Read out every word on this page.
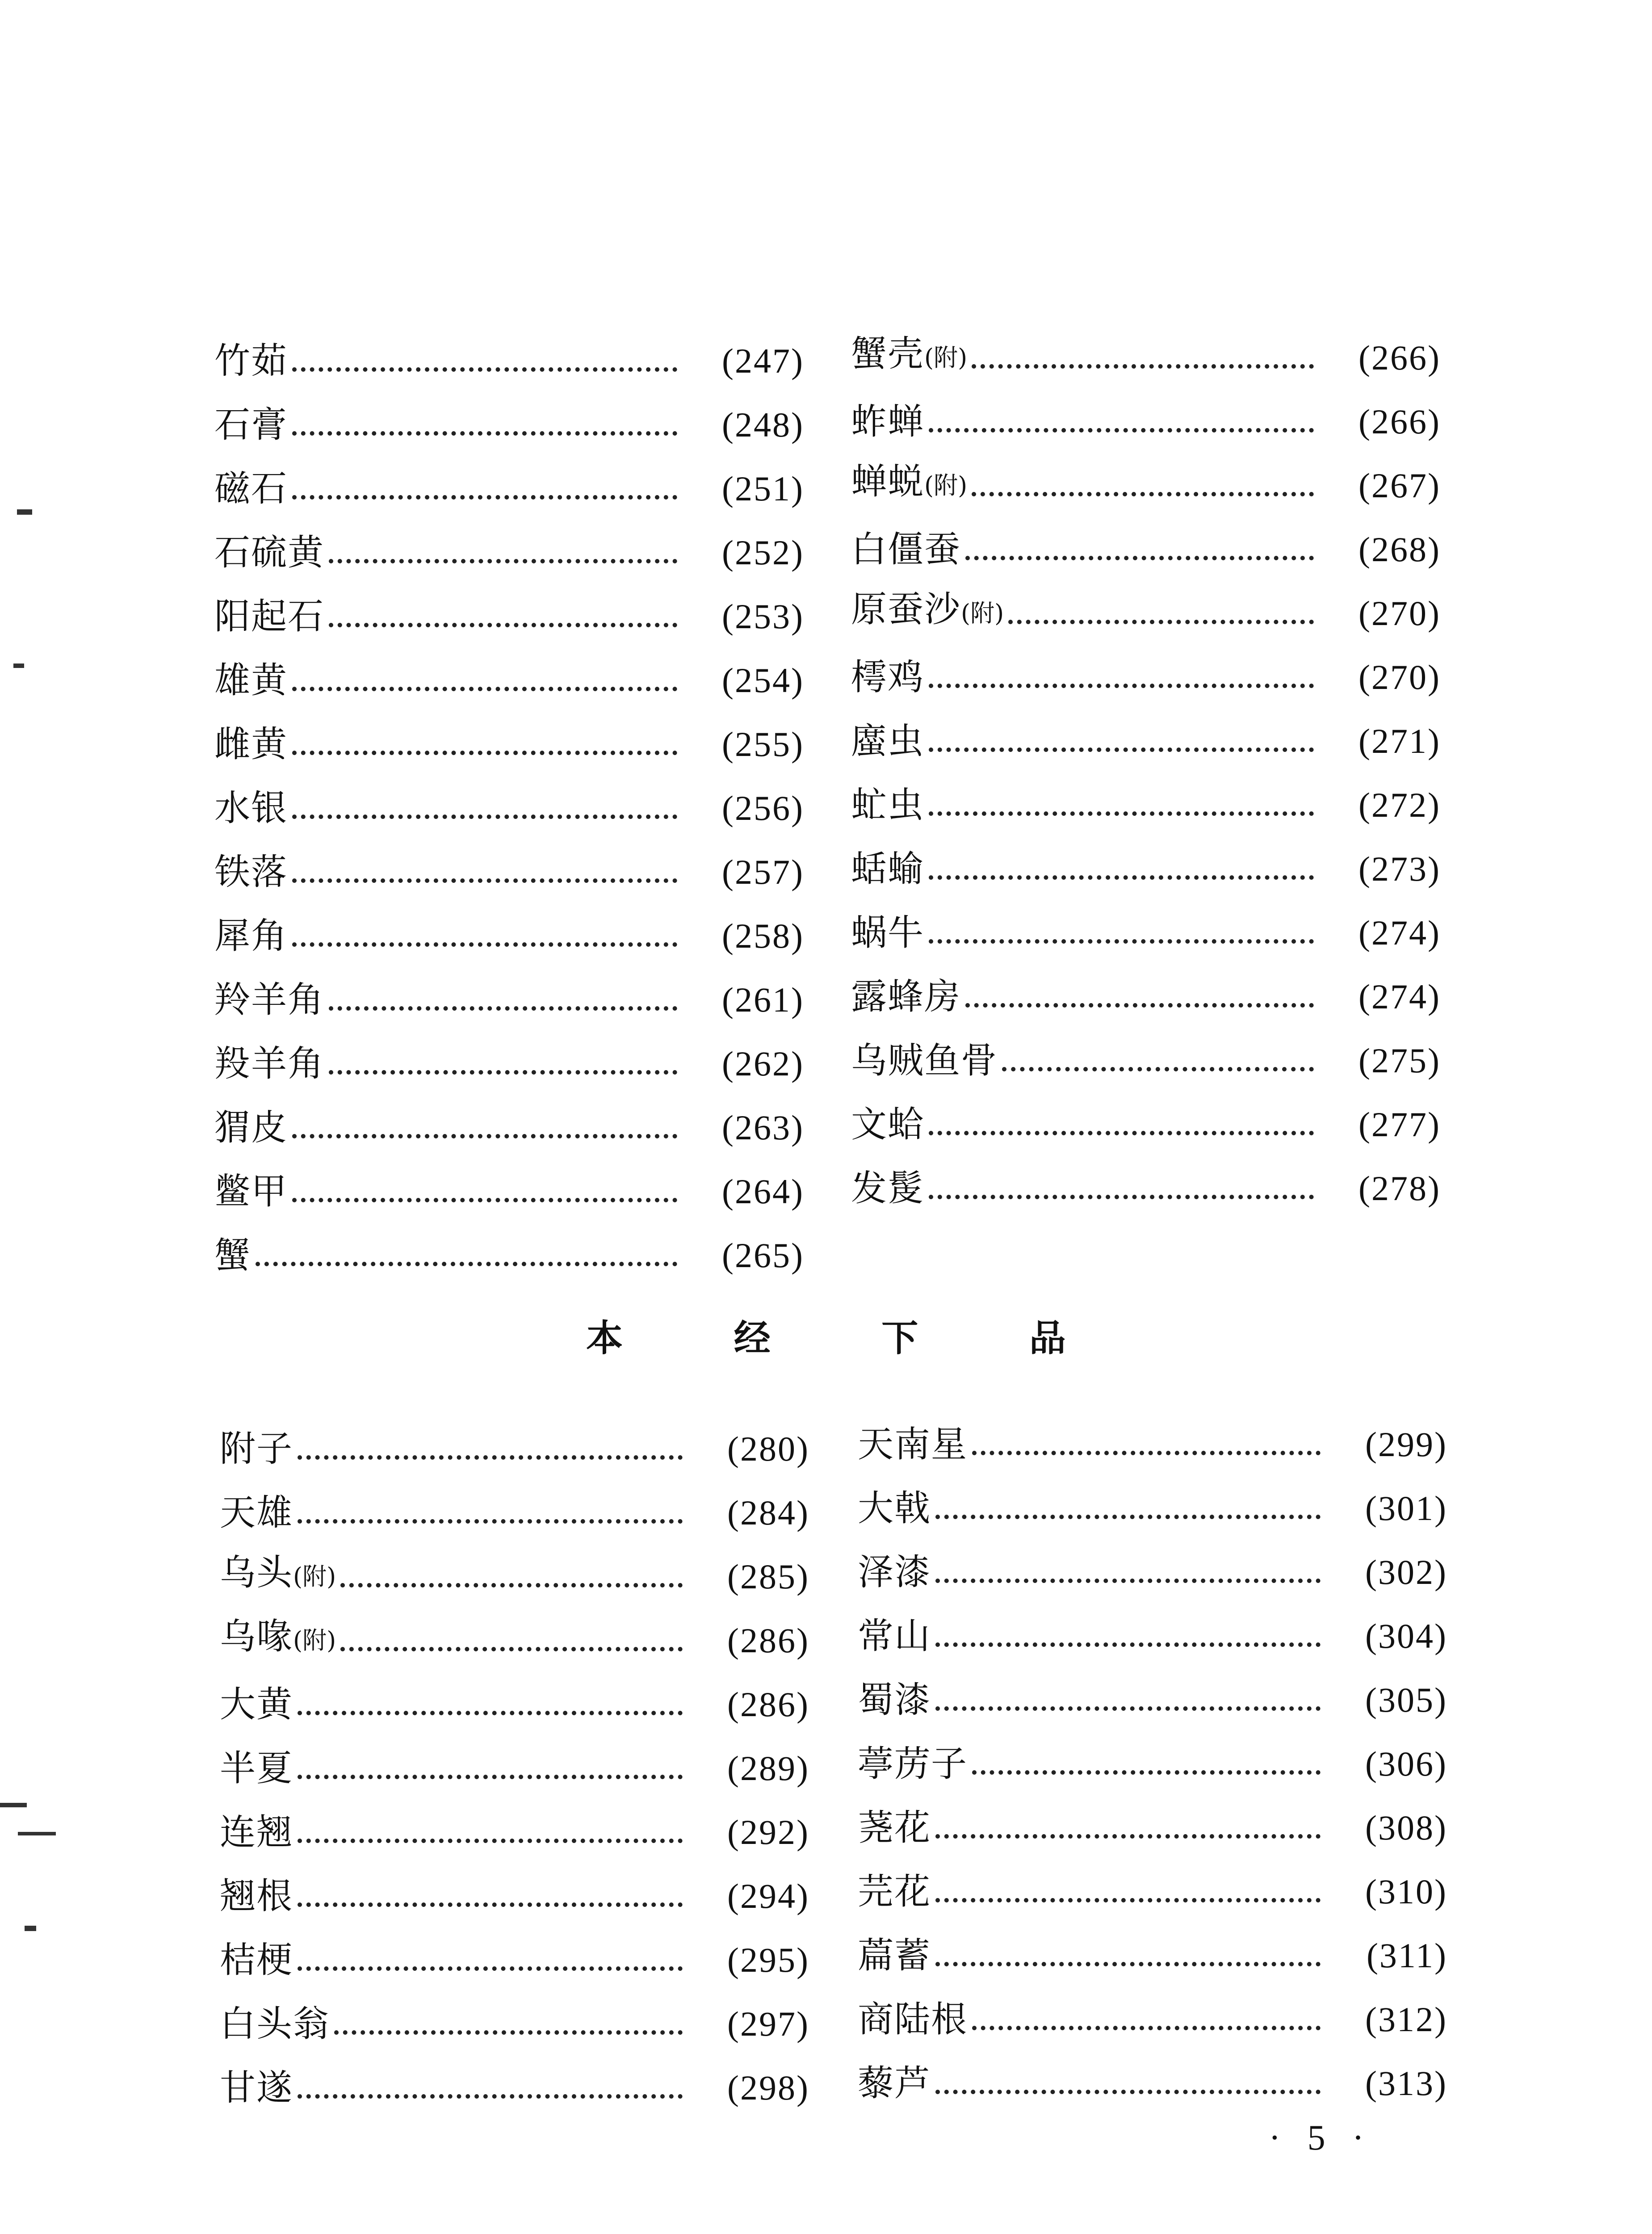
竹茹	(247)
石膏	(248)
磁石	(251)
石硫黄	(252)
阳起石	(253)
雄黄	(254)
雌黄	(255)
水银	(256)
铁落	(257)
犀角	(258)
羚羊角	(261)
羖羊角	(262)
猬皮	(263)
鳖甲	(264)
蟹	(265)
蟹壳(附)	(266)
蚱蝉	(266)
蝉蜕(附)	(267)
白僵蚕	(268)
原蚕沙(附)	(270)
樗鸡	(270)
䗪虫	(271)
虻虫	(272)
蛞蝓	(273)
蜗牛	(274)
露蜂房	(274)
乌贼鱼骨	(275)
文蛤	(277)
发髲	(278)
本 经 下 品
附子	(280)
天雄	(284)
乌头(附)	(285)
乌喙(附)	(286)
大黄	(286)
半夏	(289)
连翘	(292)
翘根	(294)
桔梗	(295)
白头翁	(297)
甘遂	(298)
天南星	(299)
大戟	(301)
泽漆	(302)
常山	(304)
蜀漆	(305)
葶苈子	(306)
荛花	(308)
芫花	(310)
萹蓄	(311)
商陆根	(312)
藜芦	(313)
· 5 ·
